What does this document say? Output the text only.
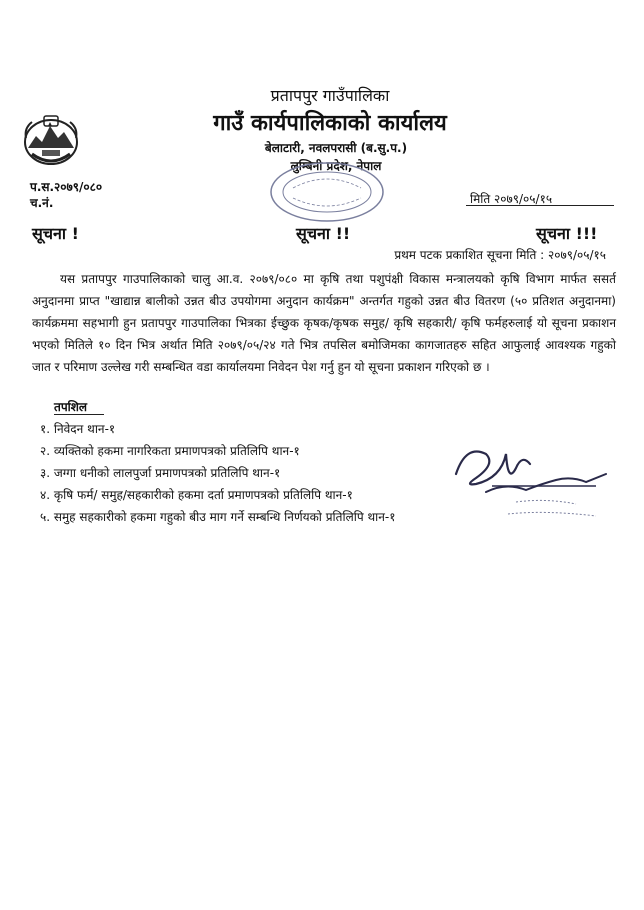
प्रतापपुर गाउँपालिका
गाउँ कार्यपालिकाको कार्यालय
बेलाटारी, नवलपरासी (ब.सु.प.)
लुम्बिनी प्रदेश, नेपाल
प.स.२०७९/०८०
च.नं.	मिति २०७९/०५/१५
सूचना !	सूचना !!	सूचना !!!
प्रथम पटक प्रकाशित सूचना मिति : २०७९/०५/१५

यस प्रतापपुर गाउपालिकाको चालु आ.व. २०७९/०८० मा कृषि तथा पशुपंक्षी विकास मन्त्रालयको कृषि विभाग मार्फत ससर्त अनुदानमा प्राप्त "खाद्यान्न बालीको उन्नत बीउ उपयोगमा अनुदान कार्यक्रम" अन्तर्गत गहुको उन्नत बीउ वितरण (५० प्रतिशत अनुदानमा) कार्यक्रममा सहभागी हुन प्रतापपुर गाउपालिका भित्रका ईच्छुक कृषक/कृषक समुह/ कृषि सहकारी/ कृषि फर्महरुलाई यो सूचना प्रकाशन भएको मितिले १० दिन भित्र अर्थात मिति २०७९/०५/२४ गते भित्र तपसिल बमोजिमका कागजातहरु सहित आफुलाई आवश्यक गहुको जात र परिमाण उल्लेख गरी सम्बन्धित वडा कार्यालयमा निवेदन पेश गर्नु हुन यो सूचना प्रकाशन गरिएको छ ।

तपशिल
१. निवेदन थान-१
२. व्यक्तिको हकमा नागरिकता प्रमाणपत्रको प्रतिलिपि थान-१
३. जग्गा धनीको लालपुर्जा प्रमाणपत्रको प्रतिलिपि थान-१
४. कृषि फर्म/ समुह/सहकारीको हकमा दर्ता प्रमाणपत्रको प्रतिलिपि थान-१
५. समुह सहकारीको हकमा गहुको बीउ माग गर्ने सम्बन्धि निर्णयको प्रतिलिपि थान-१
